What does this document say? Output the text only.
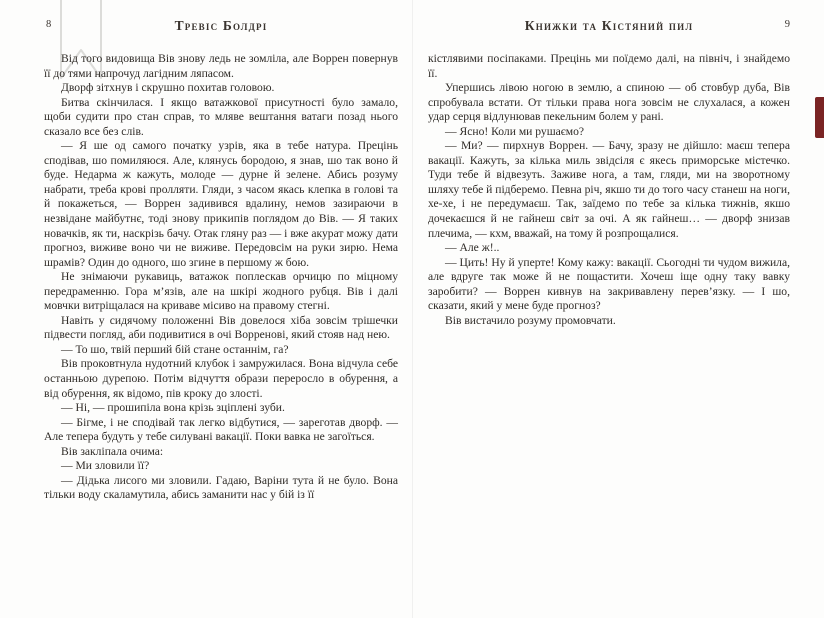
8	Тревіс Болдрі

Від того видовища Вів знову ледь не зомліла, але Воррен повернув її до тями напрочуд лагідним ляпасом.

Дворф зітхнув і скрушно похитав головою.

Битва скінчилася. І якщо ватажкової присутності було замало, щоби судити про стан справ, то мляве вештання ватаги позад нього сказало все без слів.

— Я ше од самого початку узрів, яка в тебе натура. Прецінь сподівав, шо помиляюся. Але, клянусь бородою, я знав, шо так воно й буде. Недарма ж кажуть, молоде — дурне й зелене. Абись розуму набрати, треба крові пролляти. Гляди, з часом якась клепка в голові та й покажеться, — Воррен задивився вдалину, немов зазираючи в незвідане майбутнє, тоді знову прикипів поглядом до Вів. — Я таких новачків, як ти, наскрізь бачу. Отак гляну раз — і вже акурат можу дати прогноз, виживе воно чи не виживе. Передовсім на руки зирю. Нема шрамів? Один до одного, шо згине в першому ж бою.

Не знімаючи рукавиць, ватажок поплескав орчицю по міцному передраменню. Гора м’язів, але на шкірі жодного рубця. Вів і далі мовчки витріщалася на криваве місиво на правому стегні.

Навіть у сидячому положенні Вів довелося хіба зовсім трішечки підвести погляд, аби подивитися в очі Ворренові, який стояв над нею.

— То шо, твій перший бій стане останнім, га?

Вів проковтнула нудотний клубок і замружилася. Вона відчула себе останньою дурепою. Потім відчуття образи переросло в обурення, а від обурення, як відомо, пів кроку до злості.

— Ні, — прошипіла вона крізь зціплені зуби.

— Бігме, і не сподівай так легко відбутися, — зареготав дворф. — Але тепера будуть у тебе силувані вакації. Поки вавка не загоїться.

Вів закліпала очима:

— Ми зловили її?

— Дідька лисого ми зловили. Гадаю, Варіни тута й не було. Вона тільки воду скаламутила, абись заманити нас у бій із її

Книжки та Кістяний пил	9

кістлявими посіпаками. Прецінь ми поїдемо далі, на північ, і знайдемо її.

Упершись лівою ногою в землю, а спиною — об стовбур дуба, Вів спробувала встати. От тільки права нога зовсім не слухалася, а кожен удар серця відлунював пекельним болем у рані.

— Ясно! Коли ми рушаємо?

— Ми? — пирхнув Воррен. — Бачу, зразу не дійшло: маєш тепера вакації. Кажуть, за кілька миль звідсіля є якесь приморське містечко. Туди тебе й відвезуть. Заживе нога, а там, гляди, ми на зворотному шляху тебе й підберемо. Певна річ, якшо ти до того часу станеш на ноги, хе-хе, і не передумаєш. Так, заїдемо по тебе за кілька тижнів, якшо дочекаєшся й не гайнеш світ за очі. А як гайнеш… — дворф знизав плечима, — кхм, вважай, на тому й розпрощалися.

— Але ж!..

— Цить! Ну й уперте! Кому кажу: вакації. Сьогодні ти чудом вижила, але вдруге так може й не пощастити. Хочеш іще одну таку вавку заробити? — Воррен кивнув на закривавлену перев’язку. — І шо, сказати, який у мене буде прогноз?

Вів вистачило розуму промовчати.
